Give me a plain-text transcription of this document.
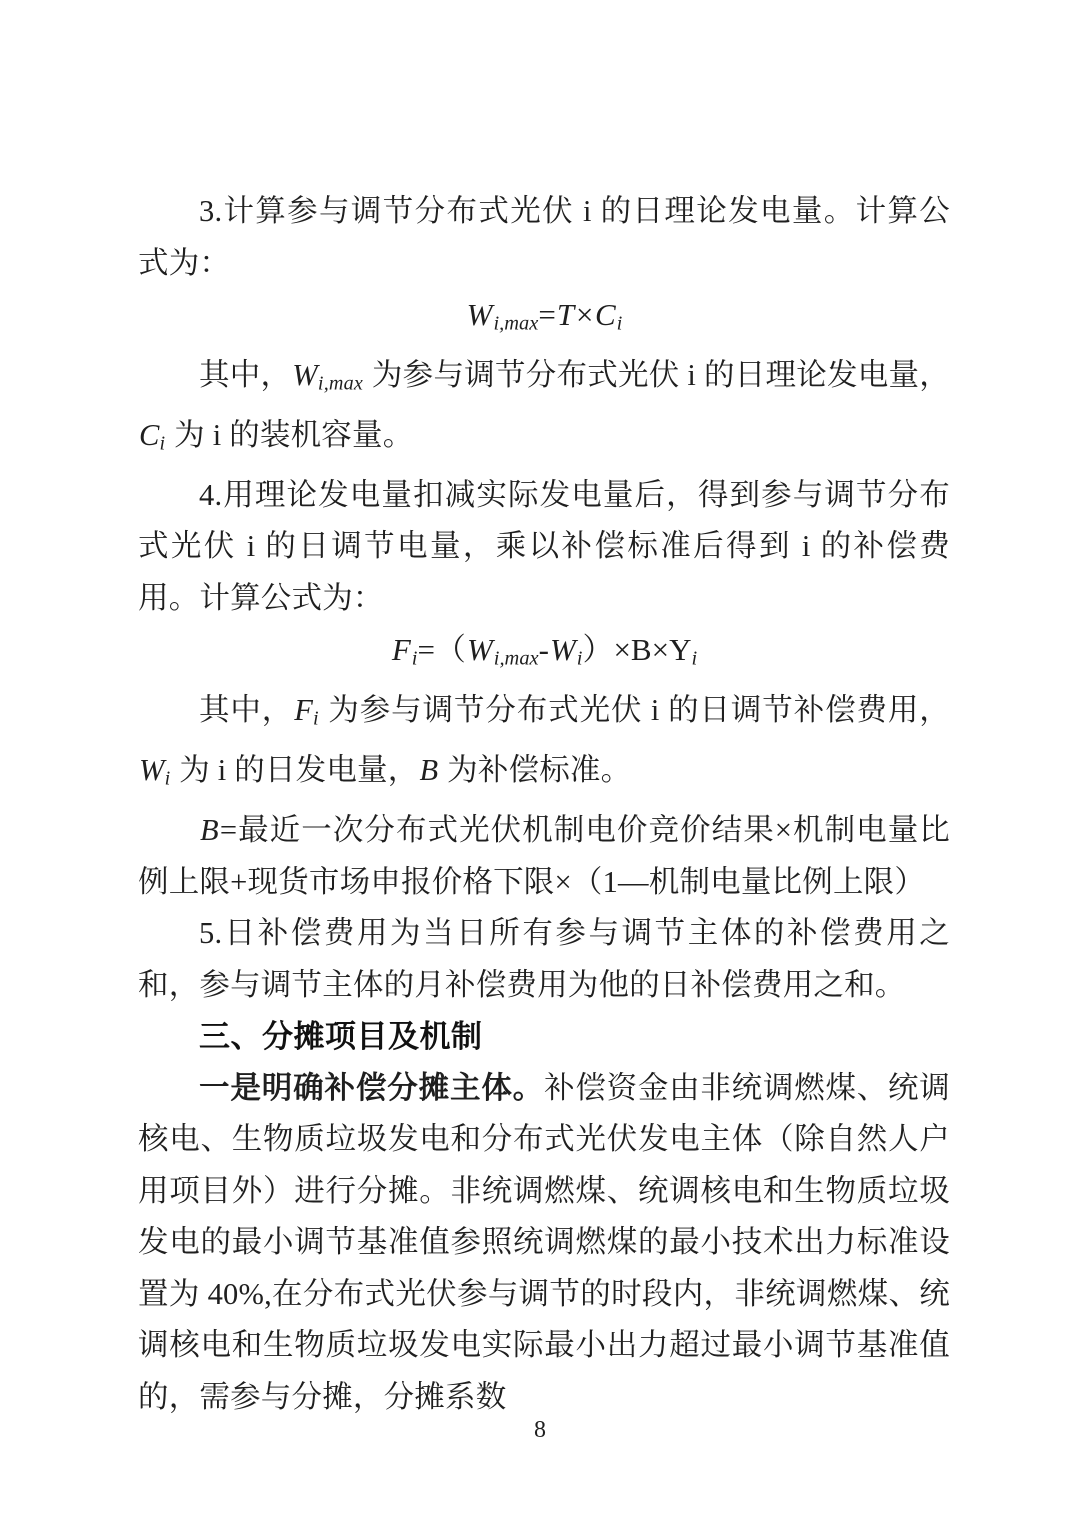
3.计算参与调节分布式光伏 i 的日理论发电量。计算公式为：

$W_{i,max}=T\times C_i$

其中，$W_{i,max}$ 为参与调节分布式光伏 i 的日理论发电量，$C_i$ 为 i 的装机容量。

4.用理论发电量扣减实际发电量后，得到参与调节分布式光伏 i 的日调节电量，乘以补偿标准后得到 i 的补偿费用。计算公式为：

$F_i=(W_{i,max}-W_i)\times B\times Y_i$

其中，$F_i$ 为参与调节分布式光伏 i 的日调节补偿费用，$W_i$ 为 i 的日发电量，B 为补偿标准。

B=最近一次分布式光伏机制电价竞价结果×机制电量比例上限+现货市场申报价格下限×（1—机制电量比例上限）

5.日补偿费用为当日所有参与调节主体的补偿费用之和，参与调节主体的月补偿费用为他的日补偿费用之和。

三、分摊项目及机制

一是明确补偿分摊主体。补偿资金由非统调燃煤、统调核电、生物质垃圾发电和分布式光伏发电主体（除自然人户用项目外）进行分摊。非统调燃煤、统调核电和生物质垃圾发电的最小调节基准值参照统调燃煤的最小技术出力标准设置为 40%,在分布式光伏参与调节的时段内，非统调燃煤、统调核电和生物质垃圾发电实际最小出力超过最小调节基准值的，需参与分摊，分摊系数

8
